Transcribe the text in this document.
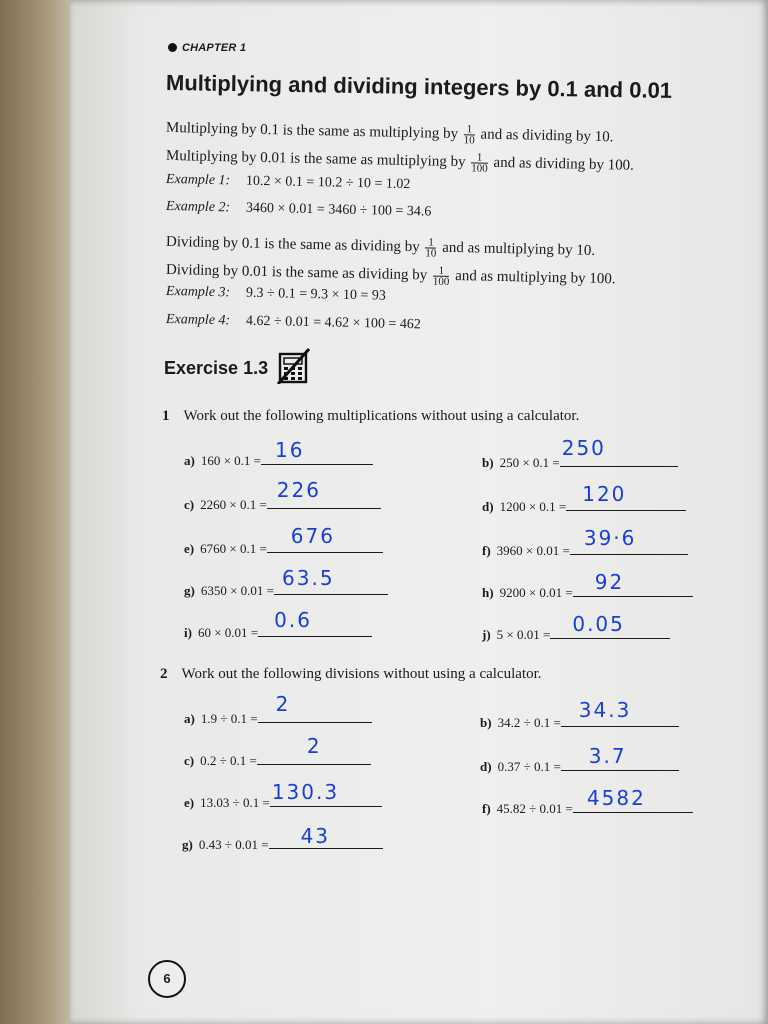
CHAPTER 1
Multiplying and dividing integers by 0.1 and 0.01
Multiplying by 0.1 is the same as multiplying by $\frac{1}{10}$ and as dividing by 10.
Multiplying by 0.01 is the same as multiplying by $\frac{1}{100}$ and as dividing by 100.
Example 1: 10.2 × 0.1 = 10.2 ÷ 10 = 1.02
Example 2: 3460 × 0.01 = 3460 ÷ 100 = 34.6
Dividing by 0.1 is the same as dividing by $\frac{1}{10}$ and as multiplying by 10.
Dividing by 0.01 is the same as dividing by $\frac{1}{100}$ and as multiplying by 100.
Example 3: 9.3 ÷ 0.1 = 9.3 × 10 = 93
Example 4: 4.62 ÷ 0.01 = 4.62 × 100 = 462
Exercise 1.3
1 Work out the following multiplications without using a calculator.
a) 160 × 0.1 = 16
b) 250 × 0.1 =
250
c) 2260 × 0.1 =
226
d) 1200 × 0.1 =
120
e) 6760 × 0.1 =
676
f) 3960 × 0.01 =
39·6
g) 6350 × 0.01 =
63.5
h) 9200 × 0.01 = 92
i) 60 × 0.01 =
0.6
j) 5 × 0.01 = 0.05
2 Work out the following divisions without using a calculator.
a) 1.9 ÷ 0.1 =
2
b) 34.2 ÷ 0.1 =
34.3
c) 0.2 ÷ 0.1 =
2
d) 0.37 ÷ 0.1 = 3.7
e) 13.03 ÷ 0.1 = 130.3
f) 45.82 ÷ 0.01 = 4582
g) 0.43 ÷ 0.01 = 43
6
